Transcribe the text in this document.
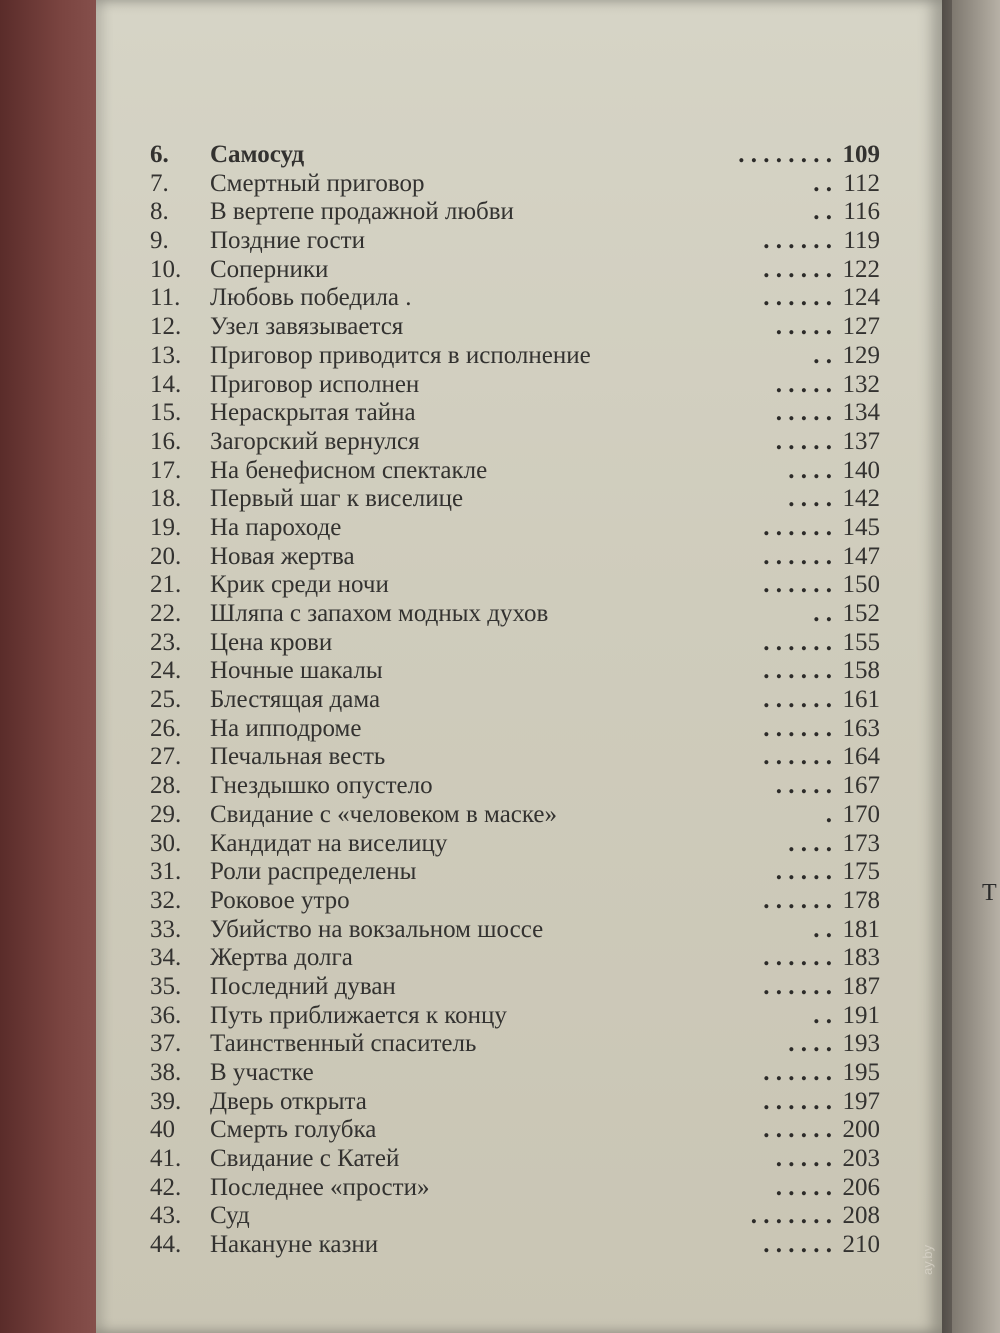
Т
6. Самосуд	. . . . . . . . 109
7. Смертный приговор	. . 112
8. В вертепе продажной любви	. . 116
9. Поздние гости	. . . . . . 119
10. Соперники	. . . . . . 122
11. Любовь победила .	. . . . . . 124
12. Узел завязывается	. . . . . 127
13. Приговор приводится в исполнение	. . 129
14. Приговор исполнен	. . . . . 132
15. Нераскрытая тайна	. . . . . 134
16. Загорский вернулся	. . . . . 137
17. На бенефисном спектакле	. . . . 140
18. Первый шаг к виселице	. . . . 142
19. На пароходе	. . . . . . 145
20. Новая жертва	. . . . . . 147
21. Крик среди ночи	. . . . . . 150
22. Шляпа с запахом модных духов	. . 152
23. Цена крови	. . . . . . 155
24. Ночные шакалы	. . . . . . 158
25. Блестящая дама	. . . . . . 161
26. На ипподроме	. . . . . . 163
27. Печальная весть	. . . . . . 164
28. Гнездышко опустело	. . . . . 167
29. Свидание с «человеком в маске»	. 170
30. Кандидат на виселицу	. . . . 173
31. Роли распределены	. . . . . 175
32. Роковое утро	. . . . . . 178
33. Убийство на вокзальном шоссе	. . 181
34. Жертва долга	. . . . . . 183
35. Последний дуван	. . . . . . 187
36. Путь приближается к концу	. . 191
37. Таинственный спаситель	. . . . 193
38. В участке	. . . . . . 195
39. Дверь открыта	. . . . . . 197
40 Смерть голубка	. . . . . . 200
41. Свидание с Катей	. . . . . 203
42. Последнее «прости»	. . . . . 206
43. Суд	. . . . . . . 208
44. Накануне казни	. . . . . . 210
ay.by
